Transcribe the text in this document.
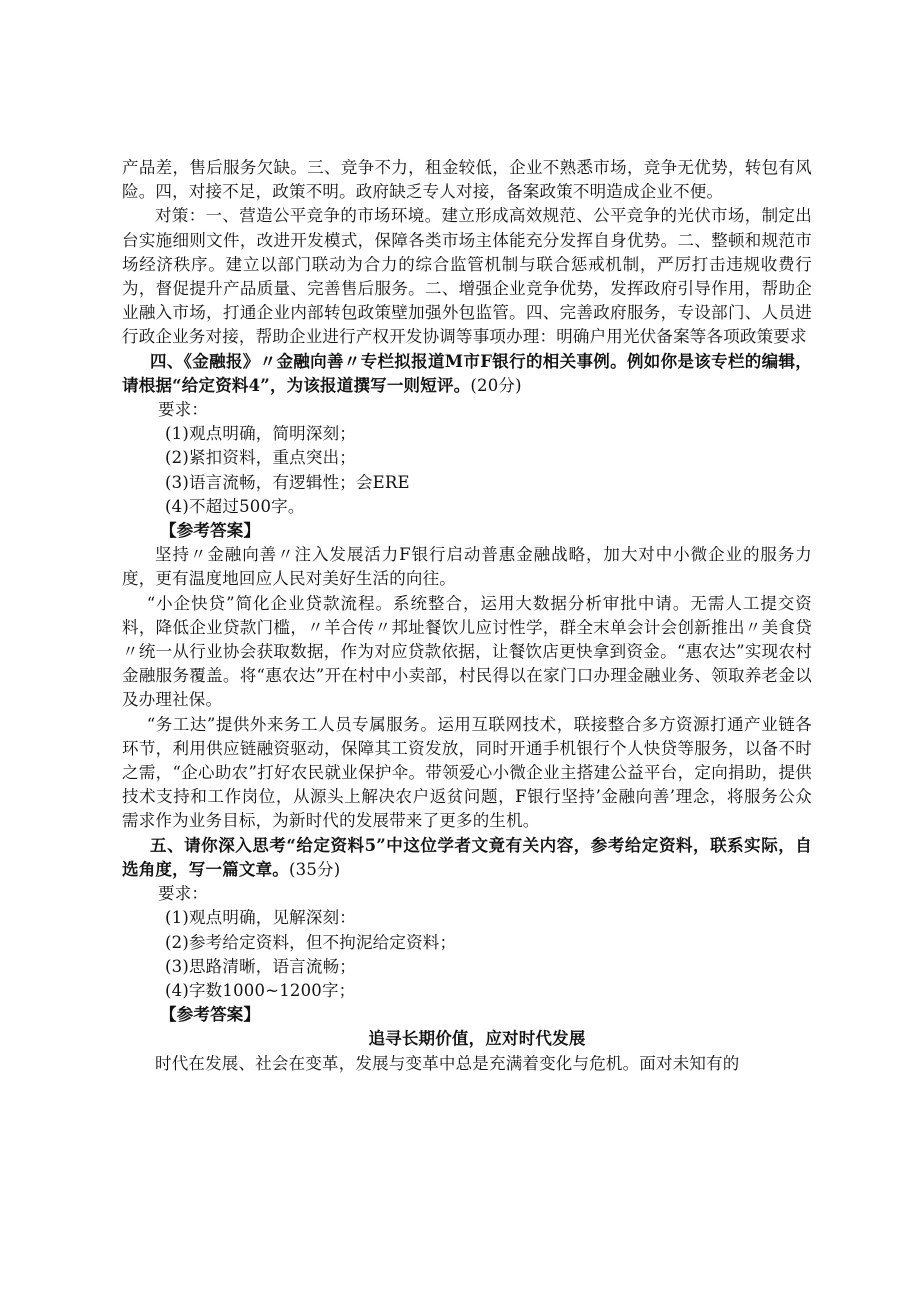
产品差，售后服务欠缺。三、竞争不力，租金较低，企业不熟悉市场，竞争无优势，转包有风险。四，对接不足，政策不明。政府缺乏专人对接，备案政策不明造成企业不便。

对策：一、营造公平竞争的市场环境。建立形成高效规范、公平竞争的光伏市场，制定出台实施细则文件，改进开发模式，保障各类市场主体能充分发挥自身优势。二、整顿和规范市场经济秩序。建立以部门联动为合力的综合监管机制与联合惩戒机制，严厉打击违规收费行为，督促提升产品质量、完善售后服务。二、增强企业竞争优势，发挥政府引导作用，帮助企业融入市场，打通企业内部转包政策壁加强外包监管。四、完善政府服务，专设部门、人员进行政企业务对接，帮助企业进行产权开发协调等事项办理：明确户用光伏备案等各项政策要求

四、《金融报》〃金融向善〃专栏拟报道M市F银行的相关事例。例如你是该专栏的编辑，请根据“给定资料4”，为该报道撰写一则短评。(20分)

要求：

(1)观点明确，简明深刻；

(2)紧扣资料，重点突出；

(3)语言流畅，有逻辑性；会ERE

(4)不超过500字。

【参考答案】

坚持〃金融向善〃注入发展活力F银行启动普惠金融战略，加大对中小微企业的服务力度，更有温度地回应人民对美好生活的向往。

“小企快贷”简化企业贷款流程。系统整合，运用大数据分析审批中请。无需人工提交资料，降低企业贷款门槛，〃羊合传〃邦址餐饮儿应讨性学，群全末单会计会创新推出〃美食贷〃统一从行业协会获取数据，作为对应贷款依据，让餐饮店更快拿到资金。“惠农达”实现农村金融服务覆盖。将“惠农达”开在村中小卖部，村民得以在家门口办理金融业务、领取养老金以及办理社保。

“务工达”提供外来务工人员专属服务。运用互联网技术，联接整合多方资源打通产业链各环节，利用供应链融资驱动，保障其工资发放，同时开通手机银行个人快贷等服务，以备不时之需，“企心助农”打好农民就业保护伞。带领爱心小微企业主搭建公益平台，定向捐助，提供技术支持和工作岗位，从源头上解决农户返贫问题，F银行坚持’金融向善’理念，将服务公众需求作为业务目标，为新时代的发展带来了更多的生机。

五、请你深入思考“给定资料5”中这位学者文竟有关内容，参考给定资料，联系实际，自选角度，写一篇文章。(35分)

要求：

(1)观点明确，见解深刻：

(2)参考给定资料，但不拘泥给定资料；

(3)思路清晰，语言流畅；

(4)字数1000~1200字；

【参考答案】

追寻长期价值，应对时代发展

时代在发展、社会在变革，发展与变革中总是充满着变化与危机。面对未知有的
